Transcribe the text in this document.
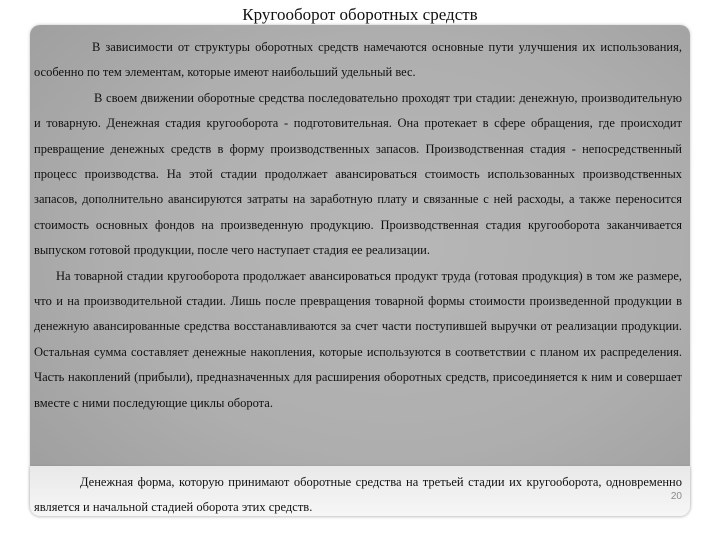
Кругооборот оборотных средств

В зависимости от структуры оборотных средств намечаются основные пути улучшения их использования, особенно по тем элементам, которые имеют наибольший удельный вес.

В своем движении оборотные средства последовательно проходят три стадии: денежную, производительную и товарную. Денежная стадия кругооборота - подготовительная. Она протекает в сфере обращения, где происходит превращение денежных средств в форму производственных запасов. Производственная стадия - непосредственный процесс производства. На этой стадии продолжает авансироваться стоимость использованных производственных запасов, дополнительно авансируются затраты на заработную плату и связанные с ней расходы, а также переносится стоимость основных фондов на произведенную продукцию. Производственная стадия кругооборота заканчивается выпуском готовой продукции, после чего наступает стадия ее реализации.

На товарной стадии кругооборота продолжает авансироваться продукт труда (готовая продукция) в том же размере, что и на производительной стадии. Лишь после превращения товарной формы стоимости произведенной продукции в денежную авансированные средства восстанавливаются за счет части поступившей выручки от реализации продукции. Остальная сумма составляет денежные накопления, которые используются в соответствии с планом их распределения. Часть накоплений (прибыли), предназначенных для расширения оборотных средств, присоединяется к ним и совершает вместе с ними последующие циклы оборота.

Денежная форма, которую принимают оборотные средства на третьей стадии их кругооборота, одновременно является и начальной стадией оборота этих средств.

20
